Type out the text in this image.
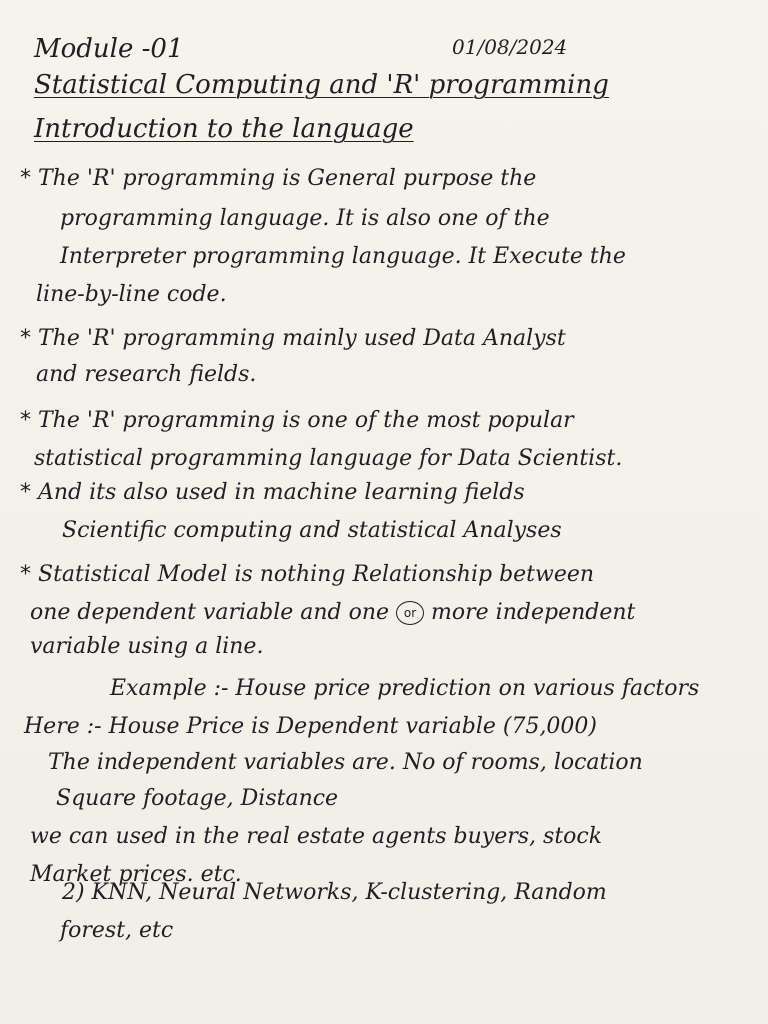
Module -01	01/08/2024
Statistical Computing and 'R' programming
Introduction to the language
* The 'R' programming is General purpose the
programming language. It is also one of the
Interpreter programming language. It Execute the
line-by-line code.
* The 'R' programming mainly used Data Analyst
and research fields.
* The 'R' programming is one of the most popular
statistical programming language for Data Scientist.
* And its also used in machine learning fields
Scientific computing and statistical Analyses
* Statistical Model is nothing Relationship between
one dependent variable and one or more independent
variable using a line.
Example :- House price prediction on various factors
Here :- House Price is Dependent variable (75,000)
The independent variables are. No of rooms, location
Square footage, Distance
we can used in the real estate agents buyers, stock
Market prices. etc.
2) KNN, Neural Networks, K-clustering, Random
forest, etc
